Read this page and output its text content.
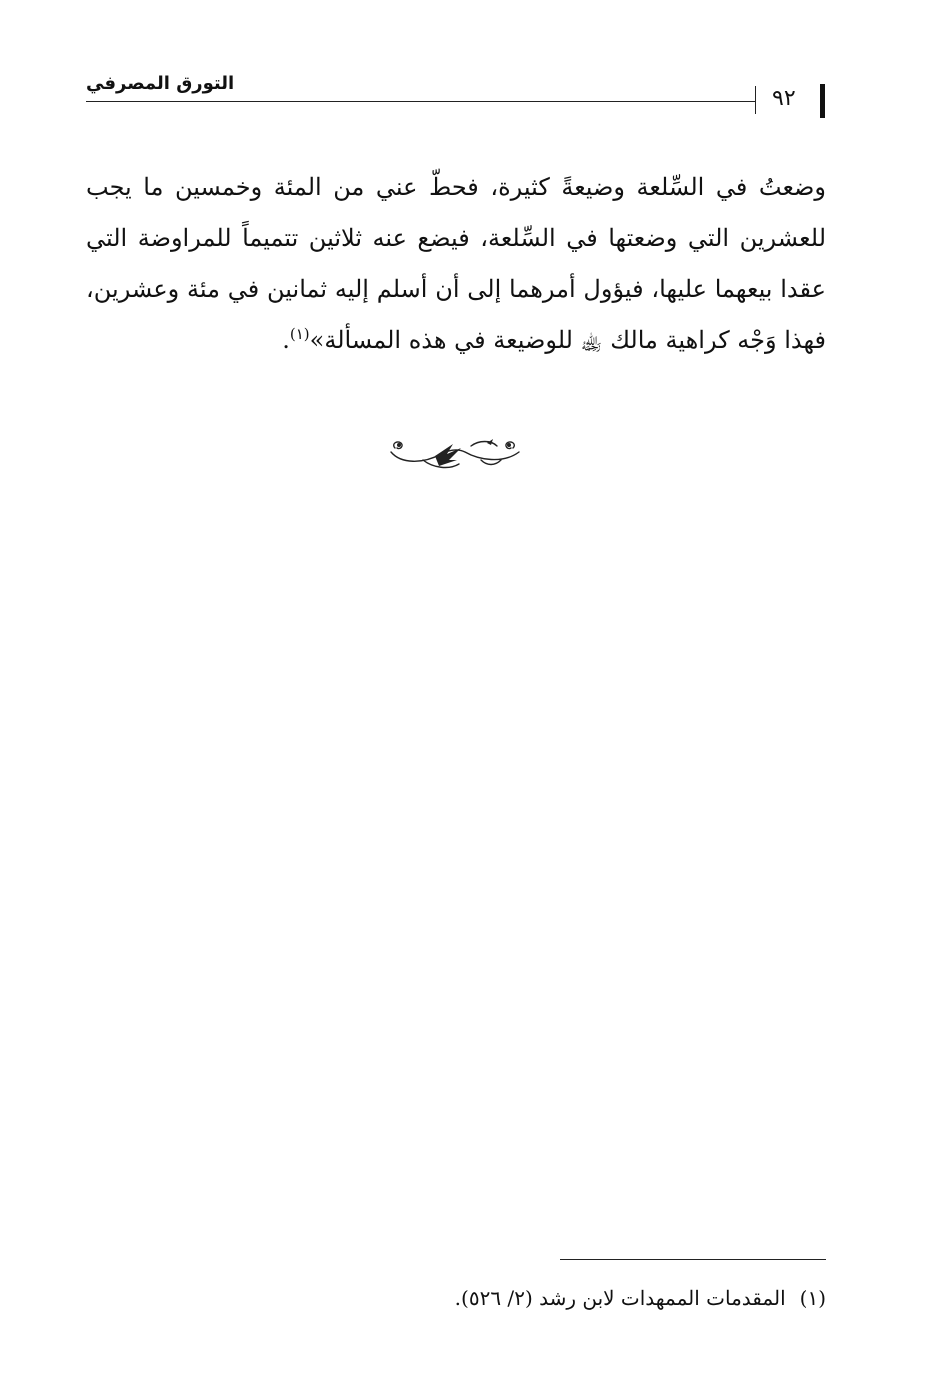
التورق المصرفي
٩٢

وضعتُ في السِّلعة وضيعةً كثيرة، فحطّ عني من المئة وخمسين ما يجب للعشرين التي وضعتها في السِّلعة، فيضع عنه ثلاثين تتميماً للمراوضة التي عقدا بيعهما عليها، فيؤول أمرهما إلى أن أسلم إليه ثمانين في مئة وعشرين، فهذا وَجْه كراهية مالك ﵀ للوضيعة في هذه المسألة»$^{(١)}$.

(١)المقدمات الممهدات لابن رشد (٢/ ٥٢٦).
